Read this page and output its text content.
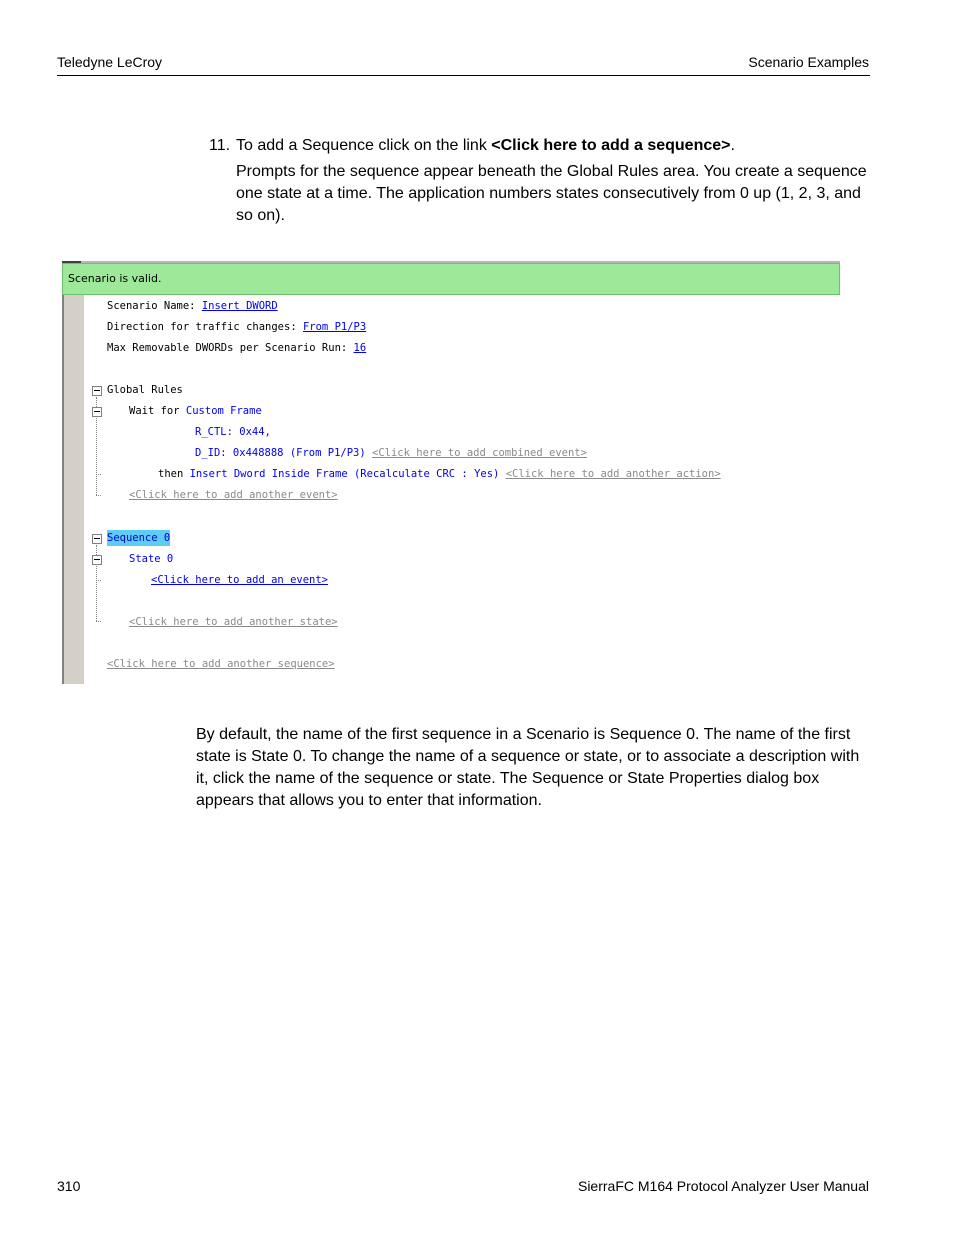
Teledyne LeCroy	Scenario Examples
11. To add a Sequence click on the link <Click here to add a sequence>.
Prompts for the sequence appear beneath the Global Rules area. You create a sequence one state at a time. The application numbers states consecutively from 0 up (1, 2, 3, and so on).
Scenario is valid.
Scenario Name: Insert DWORD
Direction for traffic changes: From P1/P3
Max Removable DWORDs per Scenario Run: 16
Global Rules
Wait for Custom Frame
R_CTL: 0x44,
D_ID: 0x448888 (From P1/P3) <Click here to add combined event>
then Insert Dword Inside Frame (Recalculate CRC : Yes) <Click here to add another action>
<Click here to add another event>
Sequence 0
State 0
<Click here to add an event>
<Click here to add another state>
<Click here to add another sequence>
By default, the name of the first sequence in a Scenario is Sequence 0. The name of the first state is State 0. To change the name of a sequence or state, or to associate a description with it, click the name of the sequence or state. The Sequence or State Properties dialog box appears that allows you to enter that information.
310	SierraFC M164 Protocol Analyzer User Manual
